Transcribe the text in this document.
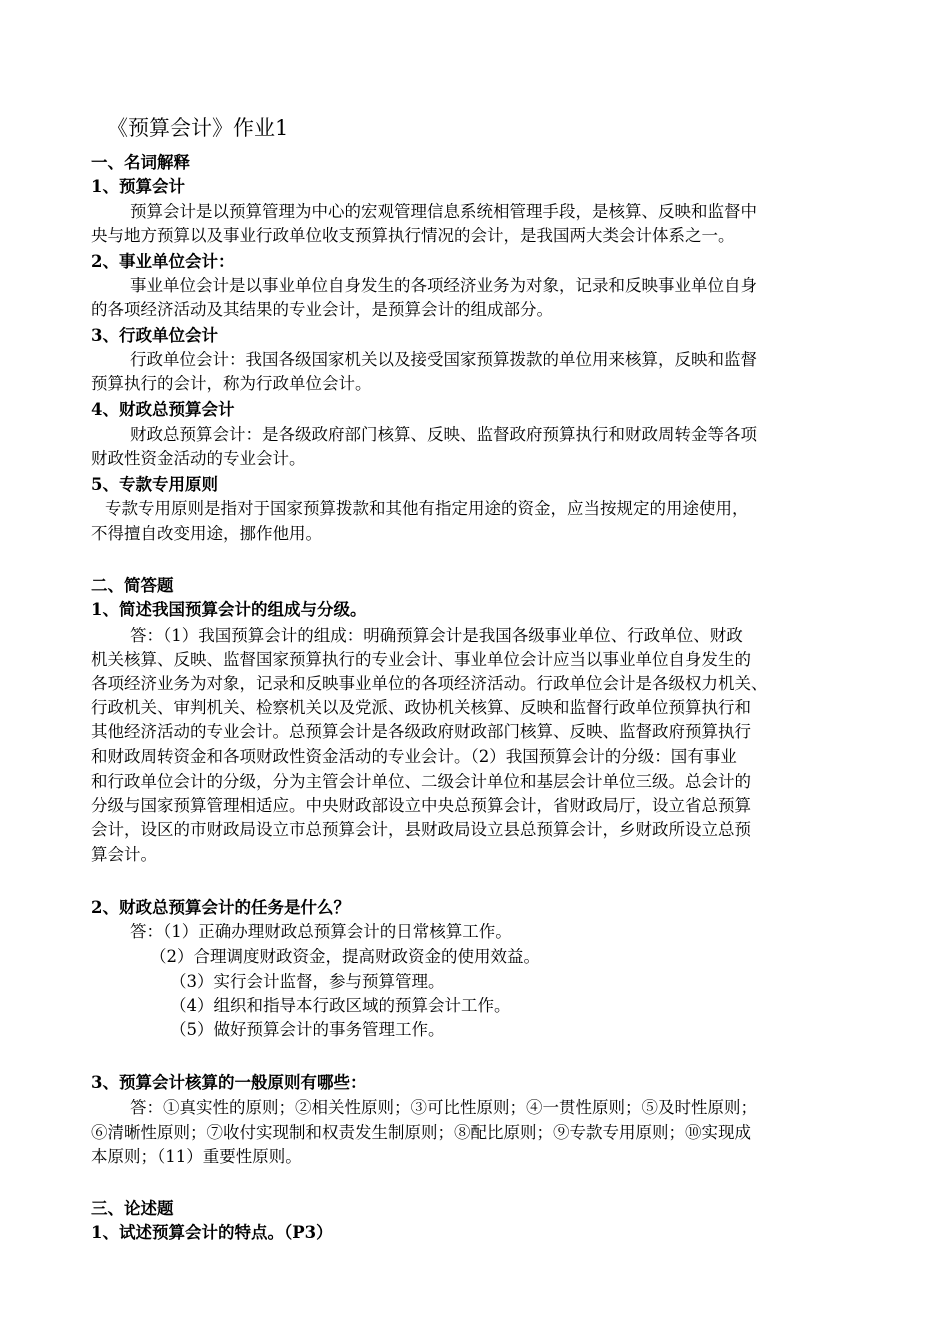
《预算会计》作业1
一、名词解释
1、预算会计
预算会计是以预算管理为中心的宏观管理信息系统相管理手段，是核算、反映和监督中
央与地方预算以及事业行政单位收支预算执行情况的会计，是我国两大类会计体系之一。
2、事业单位会计：
事业单位会计是以事业单位自身发生的各项经济业务为对象，记录和反映事业单位自身
的各项经济活动及其结果的专业会计，是预算会计的组成部分。
3、行政单位会计
行政单位会计：我国各级国家机关以及接受国家预算拨款的单位用来核算，反映和监督
预算执行的会计，称为行政单位会计。
4、财政总预算会计
财政总预算会计：是各级政府部门核算、反映、监督政府预算执行和财政周转金等各项
财政性资金活动的专业会计。
5、专款专用原则
专款专用原则是指对于国家预算拨款和其他有指定用途的资金，应当按规定的用途使用，
不得擅自改变用途，挪作他用。
二、简答题
1、简述我国预算会计的组成与分级。
答：（1）我国预算会计的组成：明确预算会计是我国各级事业单位、行政单位、财政
机关核算、反映、监督国家预算执行的专业会计、事业单位会计应当以事业单位自身发生的
各项经济业务为对象，记录和反映事业单位的各项经济活动。行政单位会计是各级权力机关、
行政机关、审判机关、检察机关以及党派、政协机关核算、反映和监督行政单位预算执行和
其他经济活动的专业会计。总预算会计是各级政府财政部门核算、反映、监督政府预算执行
和财政周转资金和各项财政性资金活动的专业会计。（2）我国预算会计的分级：国有事业
和行政单位会计的分级，分为主管会计单位、二级会计单位和基层会计单位三级。总会计的
分级与国家预算管理相适应。中央财政部设立中央总预算会计，省财政局厅，设立省总预算
会计，设区的市财政局设立市总预算会计，县财政局设立县总预算会计，乡财政所设立总预
算会计。
2、财政总预算会计的任务是什么？
答：（1）正确办理财政总预算会计的日常核算工作。
（2）合理调度财政资金，提高财政资金的使用效益。
（3）实行会计监督，参与预算管理。
（4）组织和指导本行政区域的预算会计工作。
（5）做好预算会计的事务管理工作。
3、预算会计核算的一般原则有哪些：
答：①真实性的原则；②相关性原则；③可比性原则；④一贯性原则；⑤及时性原则；
⑥清晰性原则；⑦收付实现制和权责发生制原则；⑧配比原则；⑨专款专用原则；⑩实现成
本原则；（11）重要性原则。
三、论述题
1、试述预算会计的特点。（P3）
